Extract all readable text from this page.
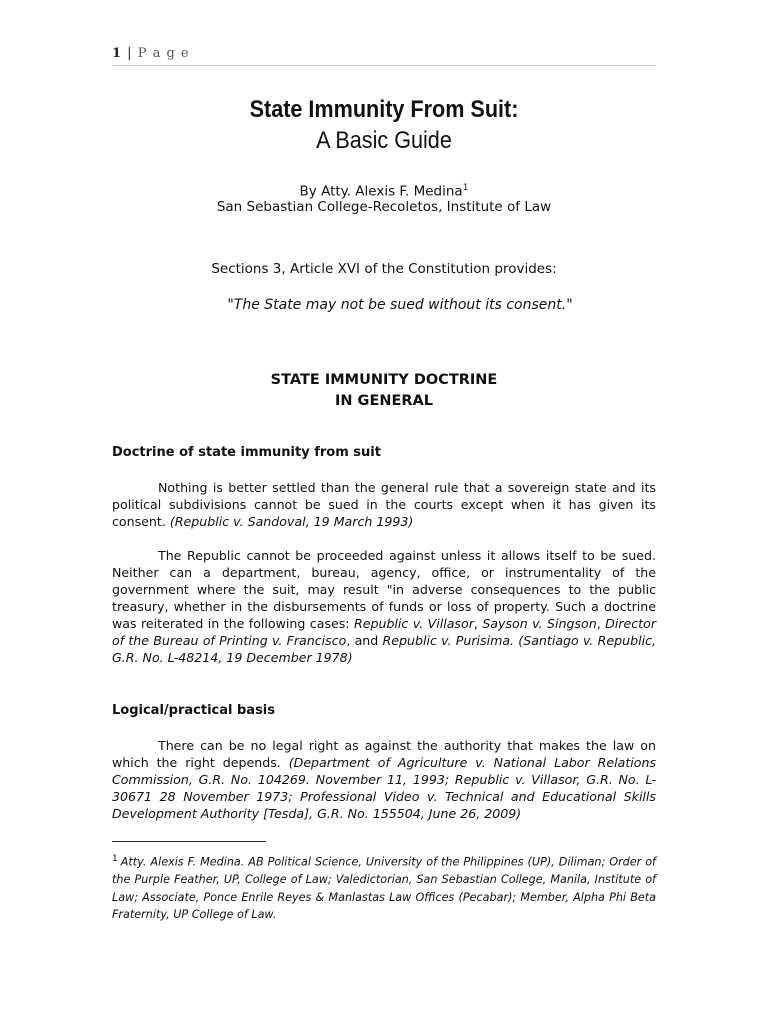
1 | P a g e
State Immunity From Suit:
A Basic Guide
By Atty. Alexis F. Medina$^1$
San Sebastian College-Recoletos, Institute of Law
Sections 3, Article XVI of the Constitution provides:
"The State may not be sued without its consent."
STATE IMMUNITY DOCTRINE
IN GENERAL
Doctrine of state immunity from suit

Nothing is better settled than the general rule that a sovereign state and its political subdivisions cannot be sued in the courts except when it has given its consent. (Republic v. Sandoval, 19 March 1993)

The Republic cannot be proceeded against unless it allows itself to be sued. Neither can a department, bureau, agency, office, or instrumentality of the government where the suit, may result "in adverse consequences to the public treasury, whether in the disbursements of funds or loss of property. Such a doctrine was reiterated in the following cases: Republic v. Villasor, Sayson v. Singson, Director of the Bureau of Printing v. Francisco, and Republic v. Purisima. (Santiago v. Republic, G.R. No. L-48214, 19 December 1978)

Logical/practical basis

There can be no legal right as against the authority that makes the law on which the right depends. (Department of Agriculture v. National Labor Relations Commission, G.R. No. 104269. November 11, 1993; Republic v. Villasor, G.R. No. L-30671 28 November 1973; Professional Video v. Technical and Educational Skills Development Authority [Tesda], G.R. No. 155504, June 26, 2009)

$^1$ Atty. Alexis F. Medina. AB Political Science, University of the Philippines (UP), Diliman; Order of the Purple Feather, UP, College of Law; Valedictorian, San Sebastian College, Manila, Institute of Law; Associate, Ponce Enrile Reyes & Manlastas Law Offices (Pecabar); Member, Alpha Phi Beta Fraternity, UP College of Law.
